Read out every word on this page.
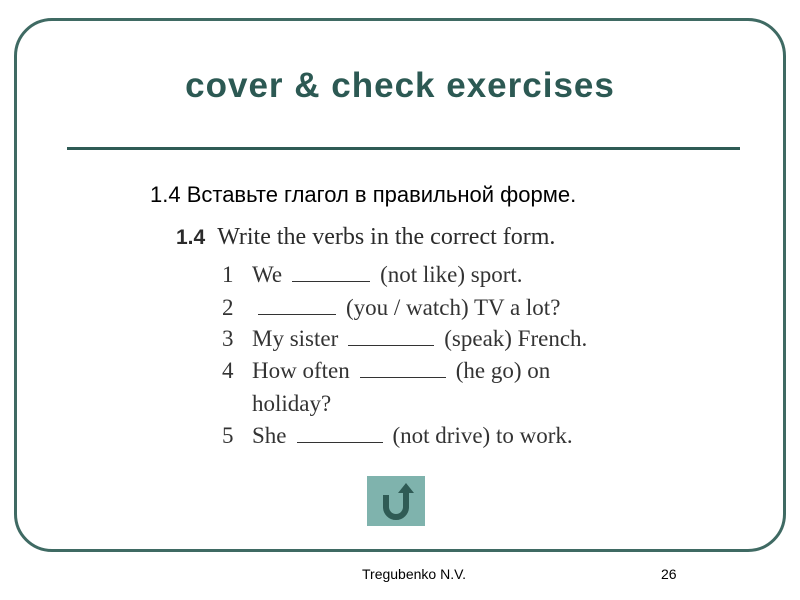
cover & check exercises
1.4 Вставьте глагол в правильной форме.
1.4 Write the verbs in the correct form.
1 We	(not like) sport.
2	(you / watch) TV a lot?
3 My sister	(speak) French.
4 How often	(he go) on
holiday?
5 She	(not drive) to work.
Tregubenko N.V.	26
